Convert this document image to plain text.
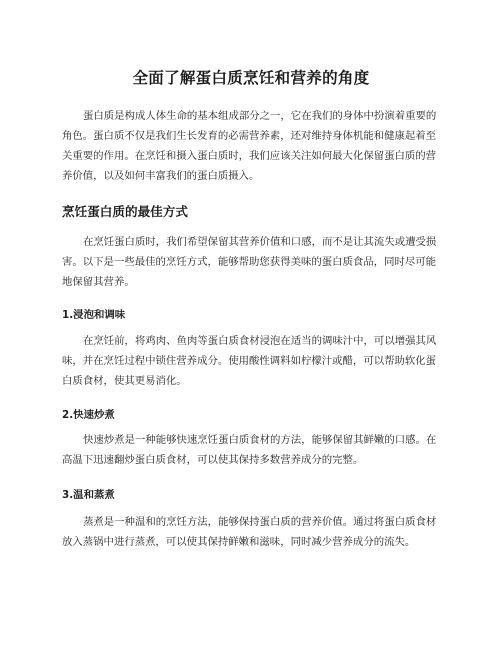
全面了解蛋白质烹饪和营养的角度

蛋白质是构成人体生命的基本组成部分之一，它在我们的身体中扮演着重要的角色。蛋白质不仅是我们生长发育的必需营养素，还对维持身体机能和健康起着至关重要的作用。在烹饪和摄入蛋白质时，我们应该关注如何最大化保留蛋白质的营养价值，以及如何丰富我们的蛋白质摄入。

烹饪蛋白质的最佳方式

在烹饪蛋白质时，我们希望保留其营养价值和口感，而不是让其流失或遭受损害。以下是一些最佳的烹饪方式，能够帮助您获得美味的蛋白质食品，同时尽可能地保留其营养。

1.浸泡和调味

在烹饪前，将鸡肉、鱼肉等蛋白质食材浸泡在适当的调味汁中，可以增强其风味，并在烹饪过程中锁住营养成分。使用酸性调料如柠檬汁或醋，可以帮助软化蛋白质食材，使其更易消化。

2.快速炒煮

快速炒煮是一种能够快速烹饪蛋白质食材的方法，能够保留其鲜嫩的口感。在高温下迅速翻炒蛋白质食材，可以使其保持多数营养成分的完整。

3.温和蒸煮

蒸煮是一种温和的烹饪方法，能够保持蛋白质的营养价值。通过将蛋白质食材放入蒸锅中进行蒸煮，可以使其保持鲜嫩和滋味，同时减少营养成分的流失。
